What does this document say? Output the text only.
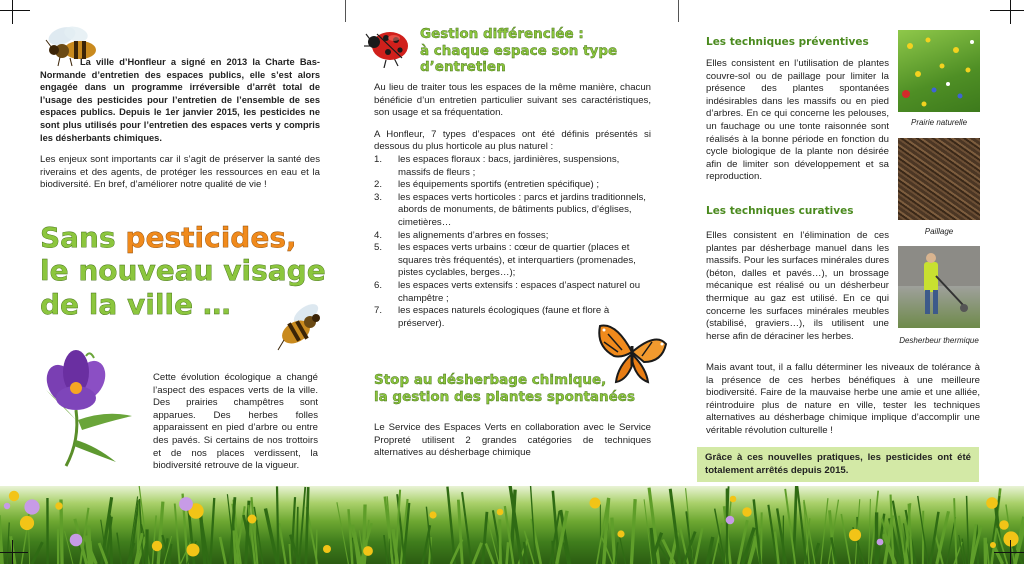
La ville d’Honfleur a signé en 2013 la Charte Bas-Normande d’entretien des espaces publics, elle s’est alors engagée dans un programme irréversible d’arrêt total de l’usage des pesticides pour l’entretien de l’ensemble de ses espaces publics. Depuis le 1er janvier 2015, les pesticides ne sont plus utilisés pour l’entretien des espaces verts y compris les désherbants chimiques.

Les enjeux sont importants car il s’agit de préserver la santé des riverains et des agents, de protéger les ressources en eau et la biodiversité. En bref, d’améliorer notre qualité de vie !

Sans pesticides,
le nouveau visage
de la ville …

Cette évolution écologique a changé l’aspect des espaces verts de la ville. Des prairies champêtres sont apparues. Des herbes folles apparaissent en pied d’arbre ou entre des pavés. Si certains de nos trottoirs et de nos places verdissent, la biodiversité retrouve de la vigueur.

Gestion différenciée :
à chaque espace son type
d’entretien

Au lieu de traiter tous les espaces de la même manière, chacun bénéficie d’un entretien particulier suivant ses caractéristiques, son usage et sa fréquentation.

A Honfleur, 7 types d’espaces ont été définis présentés si dessous du plus horticole au plus naturel :

1. les espaces floraux : bacs, jardinières, suspensions, massifs de fleurs ;
2. les équipements sportifs (entretien spécifique) ;
3. les espaces verts horticoles : parcs et jardins traditionnels, abords de monuments, de bâtiments publics, d’églises, cimetières…
4. les alignements d’arbres en fosses;
5. les espaces verts urbains : cœur de quartier (places et squares très fréquentés), et interquartiers (promenades, pistes cyclables, berges…);
6. les espaces verts extensifs : espaces d’aspect naturel ou champêtre ;
7. les espaces naturels écologiques (faune et flore à préserver).
Stop au désherbage chimique,
la gestion des plantes spontanées

Le Service des Espaces Verts en collaboration avec le Service Propreté utilisent 2 grandes catégories de techniques alternatives au désherbage chimique

Les techniques préventives

Elles consistent en l’utilisation de plantes couvre-sol ou de paillage pour limiter la présence des plantes spontanées indésirables dans les massifs ou en pied d’arbres. En ce qui concerne les pelouses, un fauchage ou une tonte raisonnée sont réalisés à la bonne période en fonction du cycle biologique de la plante non désirée afin de limiter son développement et sa reproduction.

Les techniques curatives

Elles consistent en l’élimination de ces plantes par désherbage manuel dans les massifs. Pour les surfaces minérales dures (béton, dalles et pavés…), un brossage mécanique est réalisé ou un désherbeur thermique au gaz est utilisé. En ce qui concerne les surfaces minérales meubles (stabilisé, graviers…), ils utilisent une herse afin de déraciner les herbes.

Prairie naturelle
Paillage
Desherbeur thermique

Mais avant tout, il a fallu déterminer les niveaux de tolérance à la présence de ces herbes bénéfiques à une meilleure biodiversité. Faire de la mauvaise herbe une amie et une alliée, réintroduire plus de nature en ville, tester les techniques alternatives au désherbage chimique implique d’accomplir une véritable révolution culturelle !

Grâce à ces nouvelles pratiques, les pesticides ont été totalement arrêtés depuis 2015.
